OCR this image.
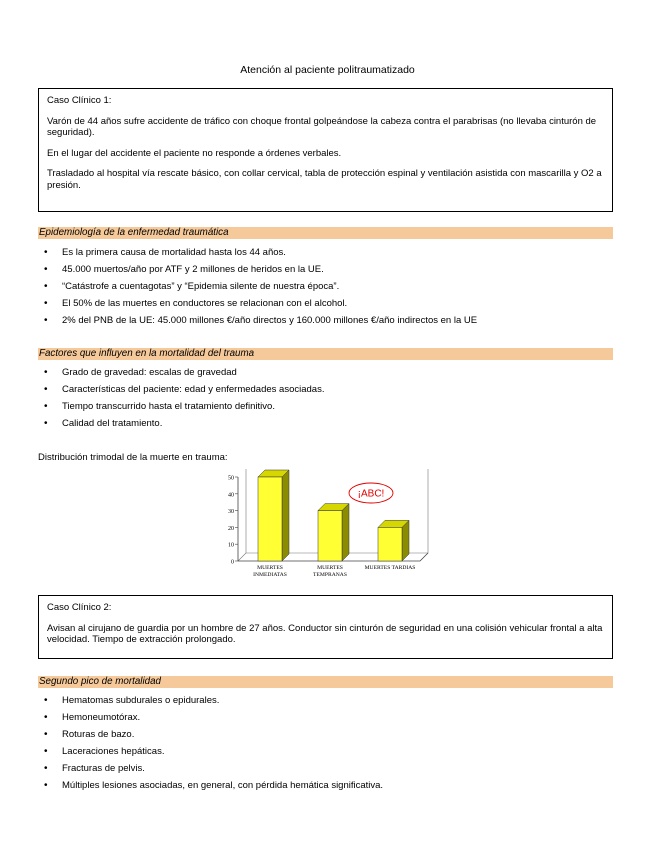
Atención al paciente politraumatizado

Caso Clínico 1:

Varón de 44 años sufre accidente de tráfico con choque frontal golpeándose la cabeza contra el parabrisas (no llevaba cinturón de seguridad).

En el lugar del accidente el paciente no responde a órdenes verbales.

Trasladado al hospital vía rescate básico, con collar cervical, tabla de protección espinal y ventilación asistida con mascarilla y O2 a presión.

Epidemiología de la enfermedad traumática
• Es la primera causa de mortalidad hasta los 44 años.
• 45.000 muertos/año por ATF y 2 millones de heridos en la UE.
• “Catástrofe a cuentagotas” y “Epidemia silente de nuestra época”.
• El 50% de las muertes en conductores se relacionan con el alcohol.
• 2% del PNB de la UE: 45.000 millones €/año directos y 160.000 millones €/año indirectos en la UE
Factores que influyen en la mortalidad del trauma
• Grado de gravedad: escalas de gravedad
• Características del paciente: edad y enfermedades asociadas.
• Tiempo transcurrido hasta el tratamiento definitivo.
• Calidad del tratamiento.
Distribución trimodal de la muerte en trauma:
0
10
20
30
40
50
MUERTES INMEDIATAS
MUERTES TEMPRANAS
MUERTES TARDIAS
¡ABC!

Caso Clínico 2:

Avisan al cirujano de guardia por un hombre de 27 años. Conductor sin cinturón de seguridad en una colisión vehicular frontal a alta velocidad. Tiempo de extracción prolongado.

Segundo pico de mortalidad
• Hematomas subdurales o epidurales.
• Hemoneumotórax.
• Roturas de bazo.
• Laceraciones hepáticas.
• Fracturas de pelvis.
• Múltiples lesiones asociadas, en general, con pérdida hemática significativa.
